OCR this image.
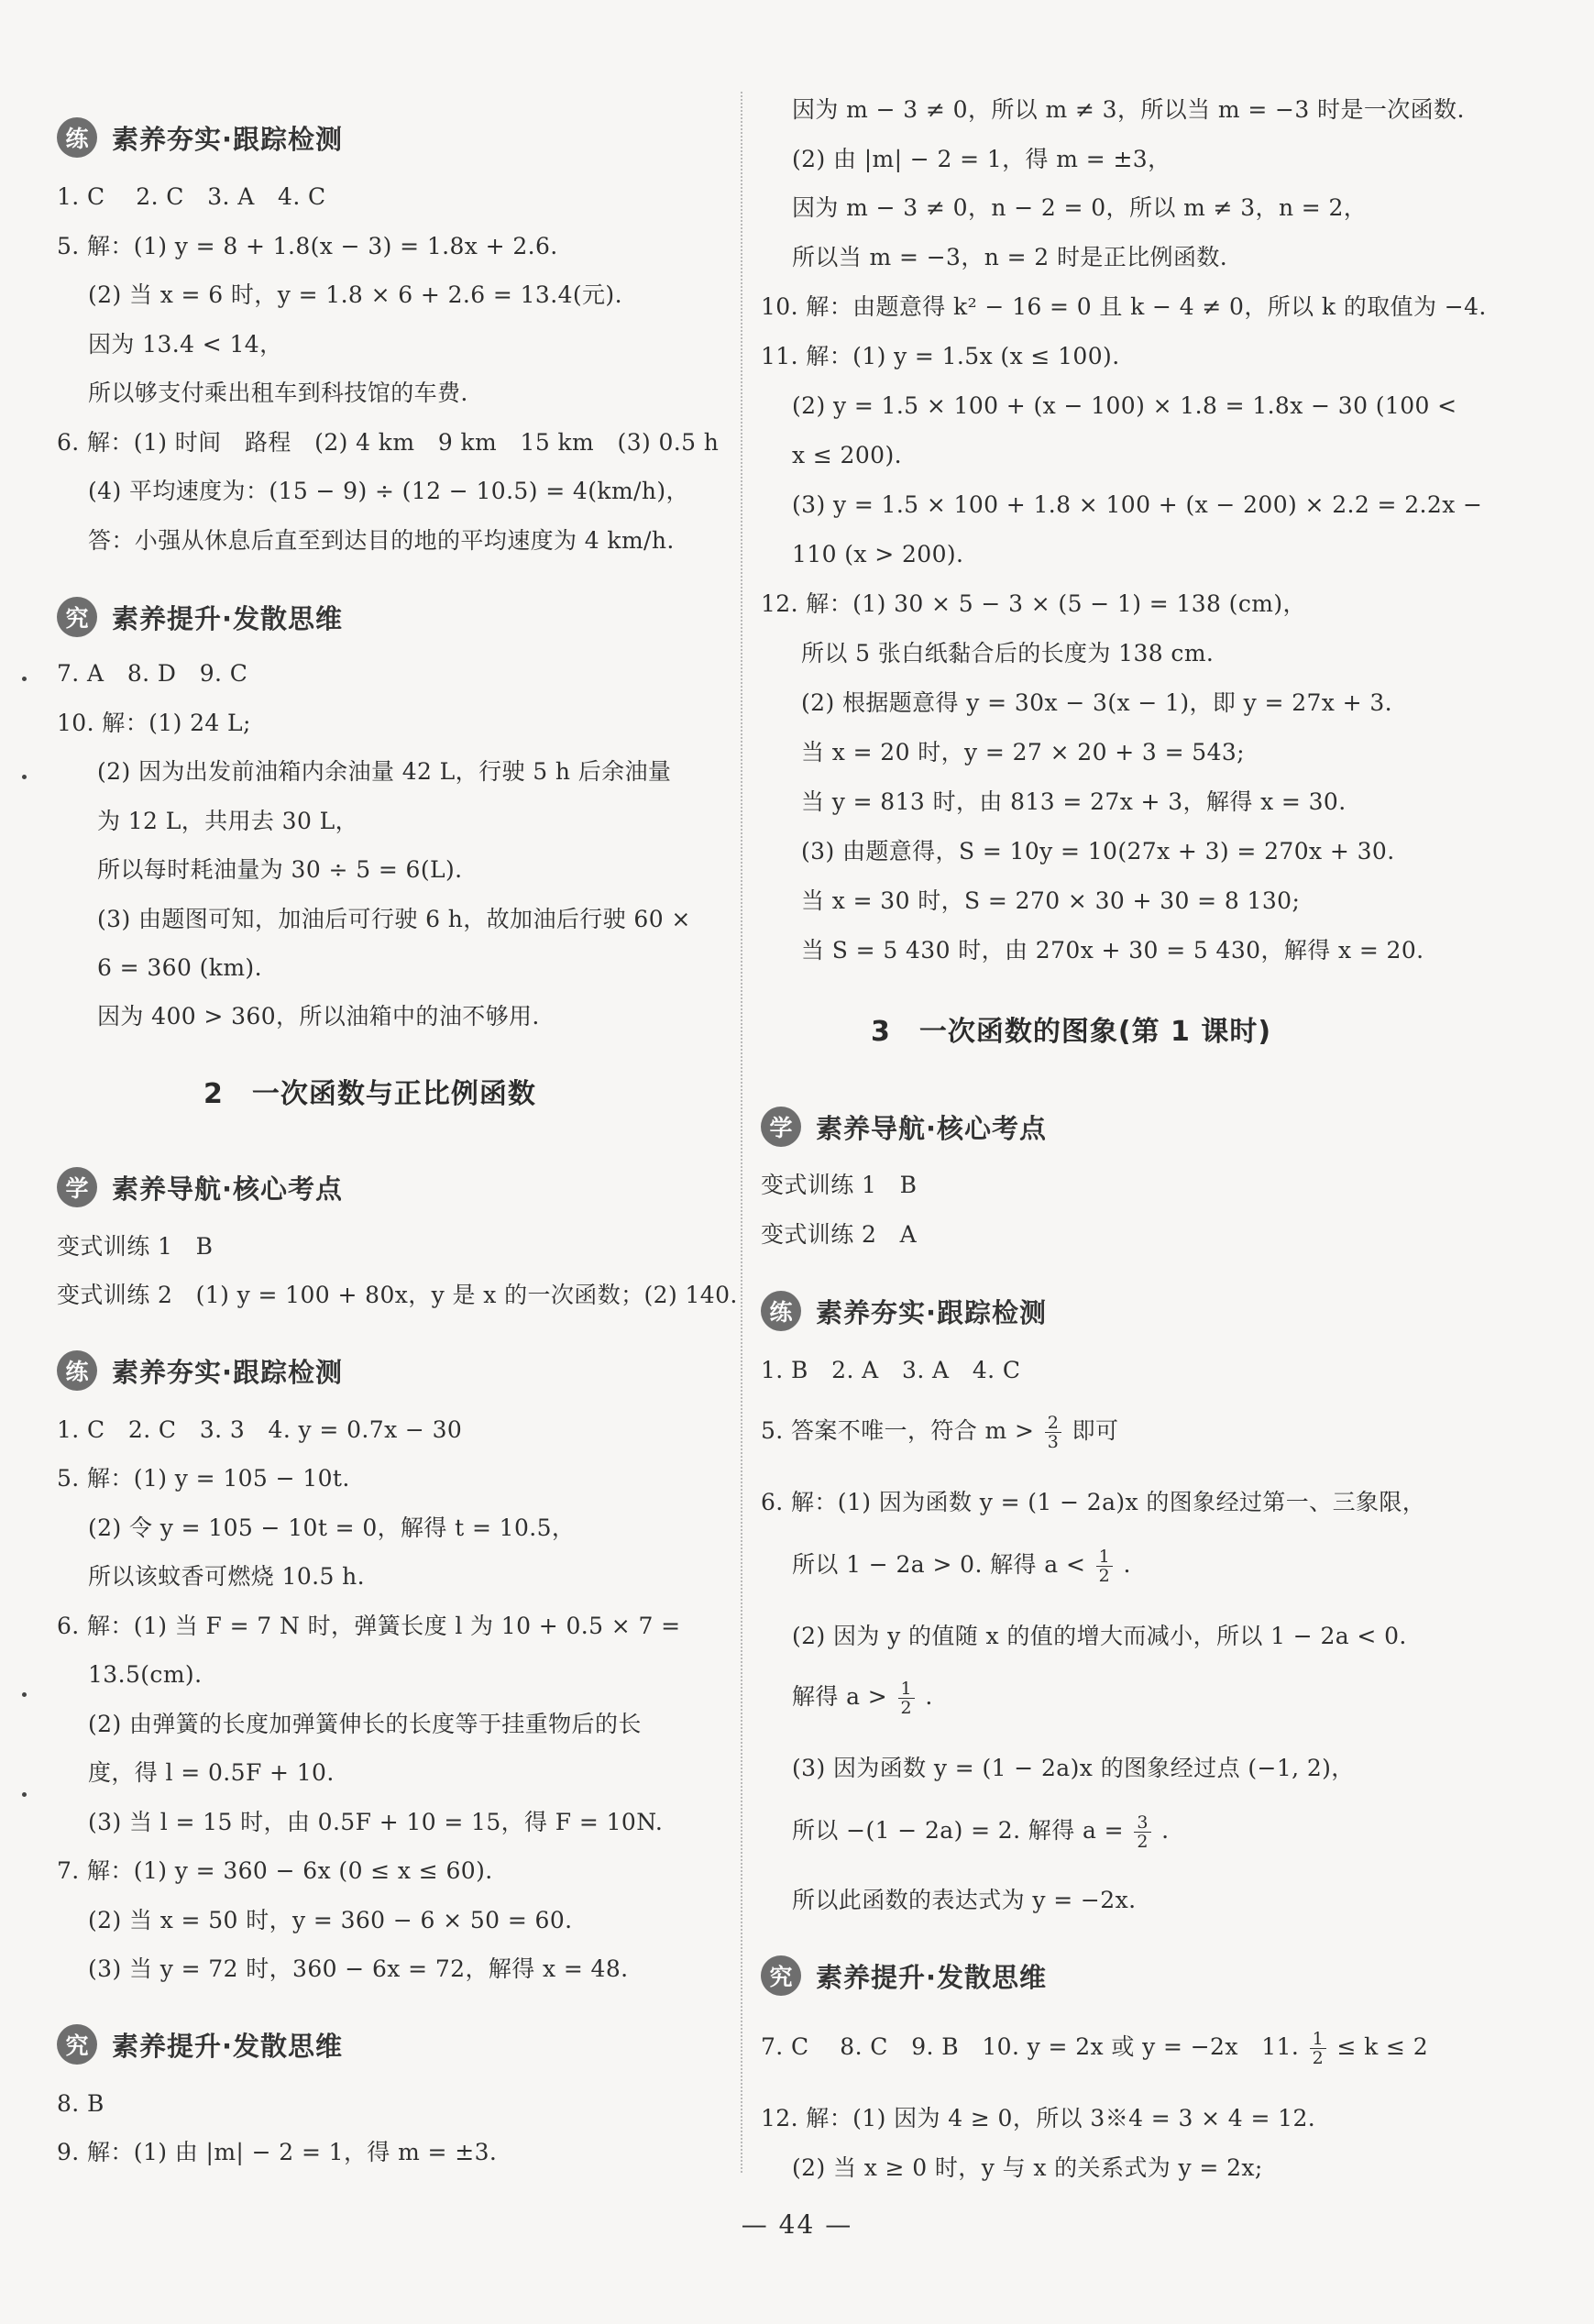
练 素养夯实·跟踪检测
1. C　 2. C　3. A　4. C
5. 解：(1) y = 8 + 1.8(x − 3) = 1.8x + 2.6.
(2) 当 x = 6 时，y = 1.8 × 6 + 2.6 = 13.4(元).
因为 13.4 < 14，
所以够支付乘出租车到科技馆的车费.
6. 解：(1) 时间　路程　(2) 4 km　9 km　15 km　(3) 0.5 h
(4) 平均速度为：(15 − 9) ÷ (12 − 10.5) = 4(km/h)，
答：小强从休息后直至到达目的地的平均速度为 4 km/h.
究 素养提升·发散思维
7. A　8. D　9. C
10. 解：(1) 24 L;
(2) 因为出发前油箱内余油量 42 L，行驶 5 h 后余油量
为 12 L，共用去 30 L，
所以每时耗油量为 30 ÷ 5 = 6(L).
(3) 由题图可知，加油后可行驶 6 h，故加油后行驶 60 ×
6 = 360 (km).
因为 400 > 360，所以油箱中的油不够用.
2　一次函数与正比例函数
学 素养导航·核心考点
变式训练 1　B
变式训练 2　(1) y = 100 + 80x，y 是 x 的一次函数；(2) 140.
练 素养夯实·跟踪检测
1. C　2. C　3. 3　4. y = 0.7x − 30
5. 解：(1) y = 105 − 10t.
(2) 令 y = 105 − 10t = 0，解得 t = 10.5，
所以该蚊香可燃烧 10.5 h.
6. 解：(1) 当 F = 7 N 时，弹簧长度 l 为 10 + 0.5 × 7 =
13.5(cm).
(2) 由弹簧的长度加弹簧伸长的长度等于挂重物后的长
度，得 l = 0.5F + 10.
(3) 当 l = 15 时，由 0.5F + 10 = 15，得 F = 10N.
7. 解：(1) y = 360 − 6x (0 ≤ x ≤ 60).
(2) 当 x = 50 时，y = 360 − 6 × 50 = 60.
(3) 当 y = 72 时，360 − 6x = 72，解得 x = 48.
究 素养提升·发散思维
8. B
9. 解：(1) 由 |m| − 2 = 1，得 m = ±3.
因为 m − 3 ≠ 0，所以 m ≠ 3，所以当 m = −3 时是一次函数.
(2) 由 |m| − 2 = 1，得 m = ±3，
因为 m − 3 ≠ 0，n − 2 = 0，所以 m ≠ 3，n = 2，
所以当 m = −3，n = 2 时是正比例函数.
10. 解：由题意得 k² − 16 = 0 且 k − 4 ≠ 0，所以 k 的取值为 −4.
11. 解：(1) y = 1.5x (x ≤ 100).
(2) y = 1.5 × 100 + (x − 100) × 1.8 = 1.8x − 30 (100 <
x ≤ 200).
(3) y = 1.5 × 100 + 1.8 × 100 + (x − 200) × 2.2 = 2.2x −
110 (x > 200).
12. 解：(1) 30 × 5 − 3 × (5 − 1) = 138 (cm)，
所以 5 张白纸黏合后的长度为 138 cm.
(2) 根据题意得 y = 30x − 3(x − 1)，即 y = 27x + 3.
当 x = 20 时，y = 27 × 20 + 3 = 543;
当 y = 813 时，由 813 = 27x + 3，解得 x = 30.
(3) 由题意得，S = 10y = 10(27x + 3) = 270x + 30.
当 x = 30 时，S = 270 × 30 + 30 = 8 130;
当 S = 5 430 时，由 270x + 30 = 5 430，解得 x = 20.
3　一次函数的图象(第 1 课时)
学 素养导航·核心考点
变式训练 1　B
变式训练 2　A
练 素养夯实·跟踪检测
1. B　2. A　3. A　4. C
5. 答案不唯一，符合 $m > \frac{2}{3}$ 即可
6. 解：(1) 因为函数 y = (1 − 2a)x 的图象经过第一、三象限，
所以 1 − 2a > 0. 解得 $a < \frac{1}{2}$ .
(2) 因为 y 的值随 x 的值的增大而减小，所以 1 − 2a < 0.
解得 $a > \frac{1}{2}$ .
(3) 因为函数 y = (1 − 2a)x 的图象经过点 (−1, 2)，
所以 −(1 − 2a) = 2. 解得 $a = \frac{3}{2}$ .
所以此函数的表达式为 y = −2x.
究 素养提升·发散思维
7. C　 8. C　9. B　10. y = 2x 或 y = −2x　11. $\frac{1}{2} \le k \le 2$
12. 解：(1) 因为 4 ≥ 0，所以 3※4 = 3 × 4 = 12.
(2) 当 x ≥ 0 时，y 与 x 的关系式为 y = 2x;
— 44 —
